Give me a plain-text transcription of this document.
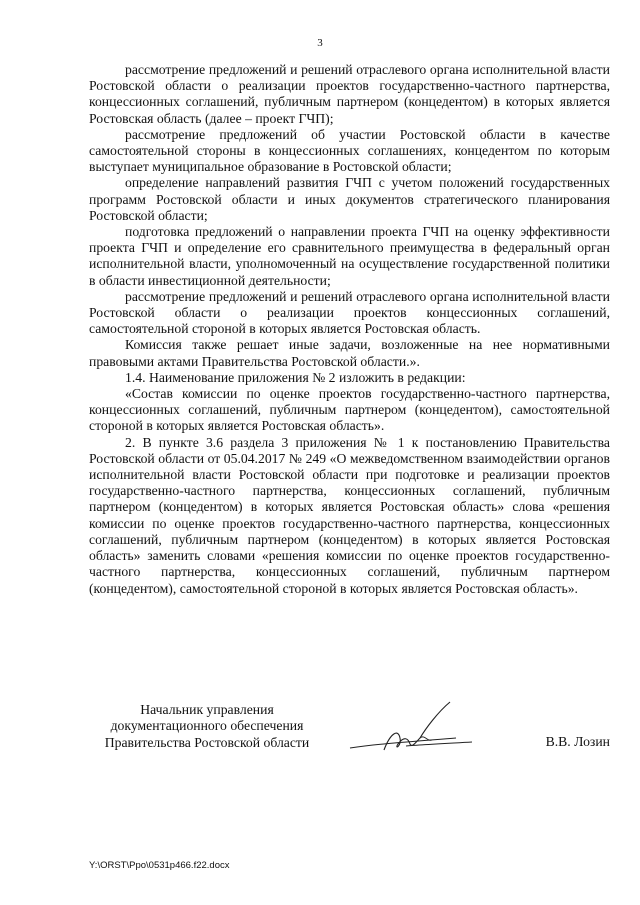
3

рассмотрение предложений и решений отраслевого органа исполнительной власти Ростовской области о реализации проектов государственно-частного партнерства, концессионных соглашений, публичным партнером (концедентом) в которых является Ростовская область (далее – проект ГЧП);

рассмотрение предложений об участии Ростовской области в качестве самостоятельной стороны в концессионных соглашениях, концедентом по которым выступает муниципальное образование в Ростовской области;

определение направлений развития ГЧП с учетом положений государственных программ Ростовской области и иных документов стратегического планирования Ростовской области;

подготовка предложений о направлении проекта ГЧП на оценку эффективности проекта ГЧП и определение его сравнительного преимущества в федеральный орган исполнительной власти, уполномоченный на осуществление государственной политики в области инвестиционной деятельности;

рассмотрение предложений и решений отраслевого органа исполнительной власти Ростовской области о реализации проектов концессионных соглашений, самостоятельной стороной в которых является Ростовская область.

Комиссия также решает иные задачи, возложенные на нее нормативными правовыми актами Правительства Ростовской области.».

1.4. Наименование приложения № 2 изложить в редакции:

«Состав комиссии по оценке проектов государственно-частного партнерства, концессионных соглашений, публичным партнером (концедентом), самостоятельной стороной в которых является Ростовская область».

2. В пункте 3.6 раздела 3 приложения № 1 к постановлению Правительства Ростовской области от 05.04.2017 № 249 «О межведомственном взаимодействии органов исполнительной власти Ростовской области при подготовке и реализации проектов государственно-частного партнерства, концессионных соглашений, публичным партнером (концедентом) в которых является Ростовская область» слова «решения комиссии по оценке проектов государственно-частного партнерства, концессионных соглашений, публичным партнером (концедентом) в которых является Ростовская область» заменить словами «решения комиссии по оценке проектов государственно-частного партнерства, концессионных соглашений, публичным партнером (концедентом), самостоятельной стороной в которых является Ростовская область».

Начальник управления
документационного обеспечения
Правительства Ростовской области	В.В. Лозин
Y:\ORST\Ppo\0531p466.f22.docx
